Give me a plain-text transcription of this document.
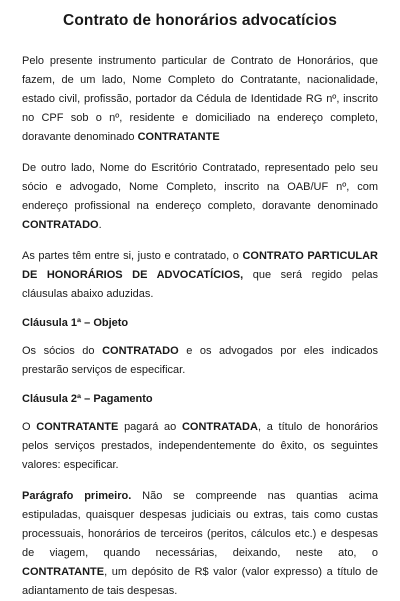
Contrato de honorários advocatícios

Pelo presente instrumento particular de Contrato de Honorários, que fazem, de um lado, Nome Completo do Contratante, nacionalidade, estado civil, profissão, portador da Cédula de Identidade RG nº, inscrito no CPF sob o nº, residente e domiciliado na endereço completo, doravante denominado CONTRATANTE

De outro lado, Nome do Escritório Contratado, representado pelo seu sócio e advogado, Nome Completo, inscrito na OAB/UF nº, com endereço profissional na endereço completo, doravante denominado CONTRATADO.

As partes têm entre si, justo e contratado, o CONTRATO PARTICULAR DE HONORÁRIOS DE ADVOCATÍCIOS, que será regido pelas cláusulas abaixo aduzidas.

Cláusula 1ª – Objeto

Os sócios do CONTRATADO e os advogados por eles indicados prestarão serviços de especificar.

Cláusula 2ª – Pagamento

O CONTRATANTE pagará ao CONTRATADA, a título de honorários pelos serviços prestados, independentemente do êxito, os seguintes valores: especificar.

Parágrafo primeiro. Não se compreende nas quantias acima estipuladas, quaisquer despesas judiciais ou extras, tais como custas processuais, honorários de terceiros (peritos, cálculos etc.) e despesas de viagem, quando necessárias, deixando, neste ato, o CONTRATANTE, um depósito de R$ valor (valor expresso) a título de adiantamento de tais despesas.
